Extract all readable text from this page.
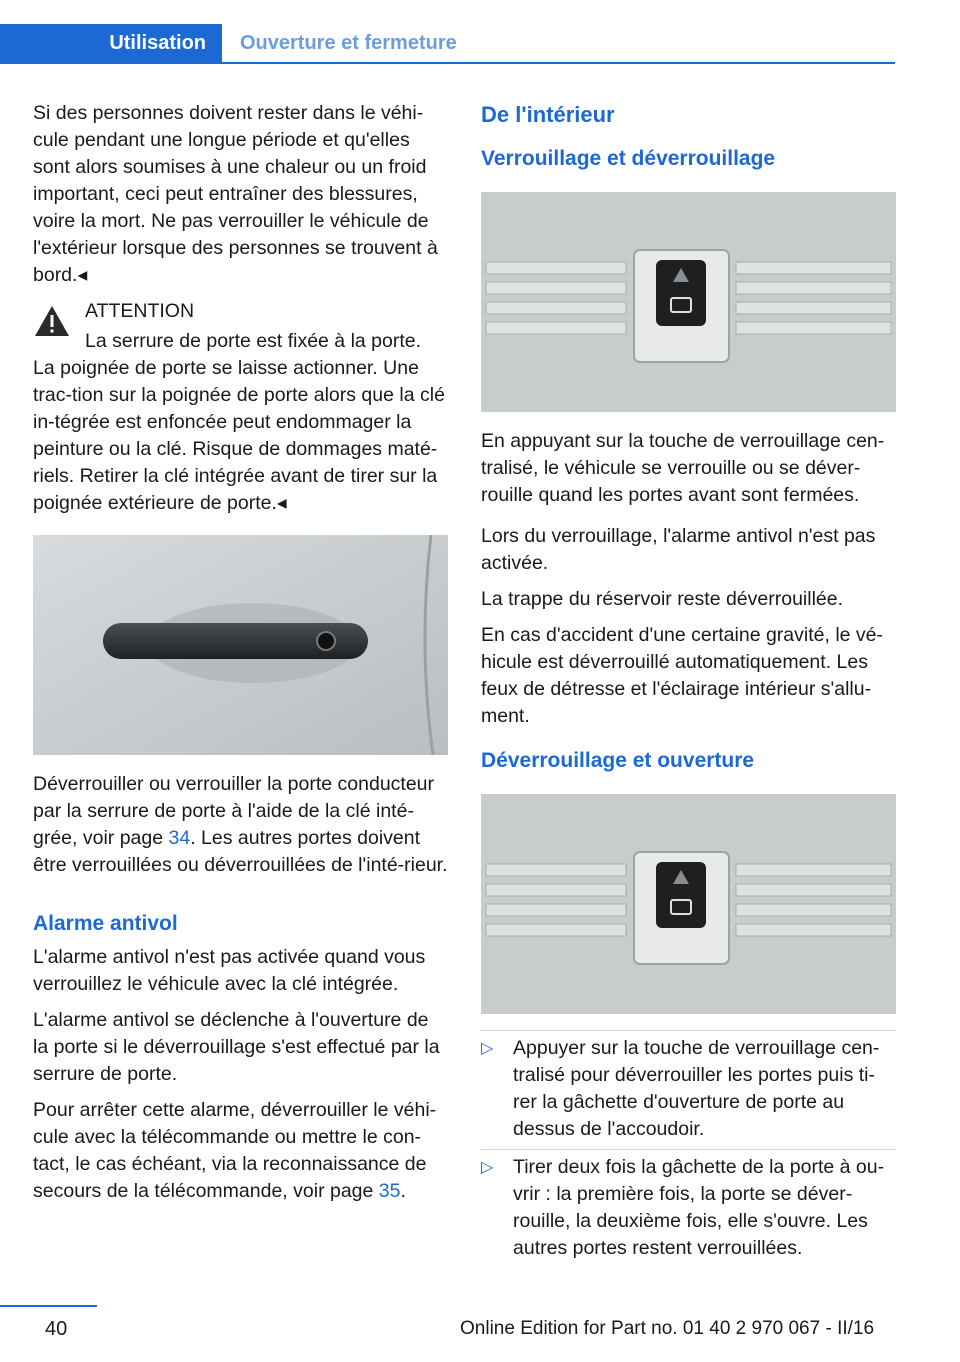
Utilisation	Ouverture et fermeture

Si des personnes doivent rester dans le véhi-cule pendant une longue période et qu'elles sont alors soumises à une chaleur ou un froid important, ceci peut entraîner des blessures, voire la mort. Ne pas verrouiller le véhicule de l'extérieur lorsque des personnes se trouvent à bord.◂

ATTENTION

La serrure de porte est fixée à la porte. La poignée de porte se laisse actionner. Une trac-tion sur la poignée de porte alors que la clé in-tégrée est enfoncée peut endommager la peinture ou la clé. Risque de dommages maté-riels. Retirer la clé intégrée avant de tirer sur la poignée extérieure de porte.◂

Déverrouiller ou verrouiller la porte conducteur par la serrure de porte à l'aide de la clé inté-grée, voir page 34. Les autres portes doivent être verrouillées ou déverrouillées de l'inté-rieur.

Alarme antivol

L'alarme antivol n'est pas activée quand vous verrouillez le véhicule avec la clé intégrée.

L'alarme antivol se déclenche à l'ouverture de la porte si le déverrouillage s'est effectué par la serrure de porte.

Pour arrêter cette alarme, déverrouiller le véhi-cule avec la télécommande ou mettre le con-tact, le cas échéant, via la reconnaissance de secours de la télécommande, voir page 35.

De l'intérieur
Verrouillage et déverrouillage

En appuyant sur la touche de verrouillage cen-tralisé, le véhicule se verrouille ou se déver-rouille quand les portes avant sont fermées.

Lors du verrouillage, l'alarme antivol n'est pas activée.

La trappe du réservoir reste déverrouillée.

En cas d'accident d'une certaine gravité, le vé-hicule est déverrouillé automatiquement. Les feux de détresse et l'éclairage intérieur s'allu-ment.

Déverrouillage et ouverture
▷ Appuyer sur la touche de verrouillage cen-tralisé pour déverrouiller les portes puis ti-rer la gâchette d'ouverture de porte au dessus de l'accoudoir.
▷ Tirer deux fois la gâchette de la porte à ou-vrir : la première fois, la porte se déver-rouille, la deuxième fois, elle s'ouvre. Les autres portes restent verrouillées.
40	Online Edition for Part no. 01 40 2 970 067 - II/16
